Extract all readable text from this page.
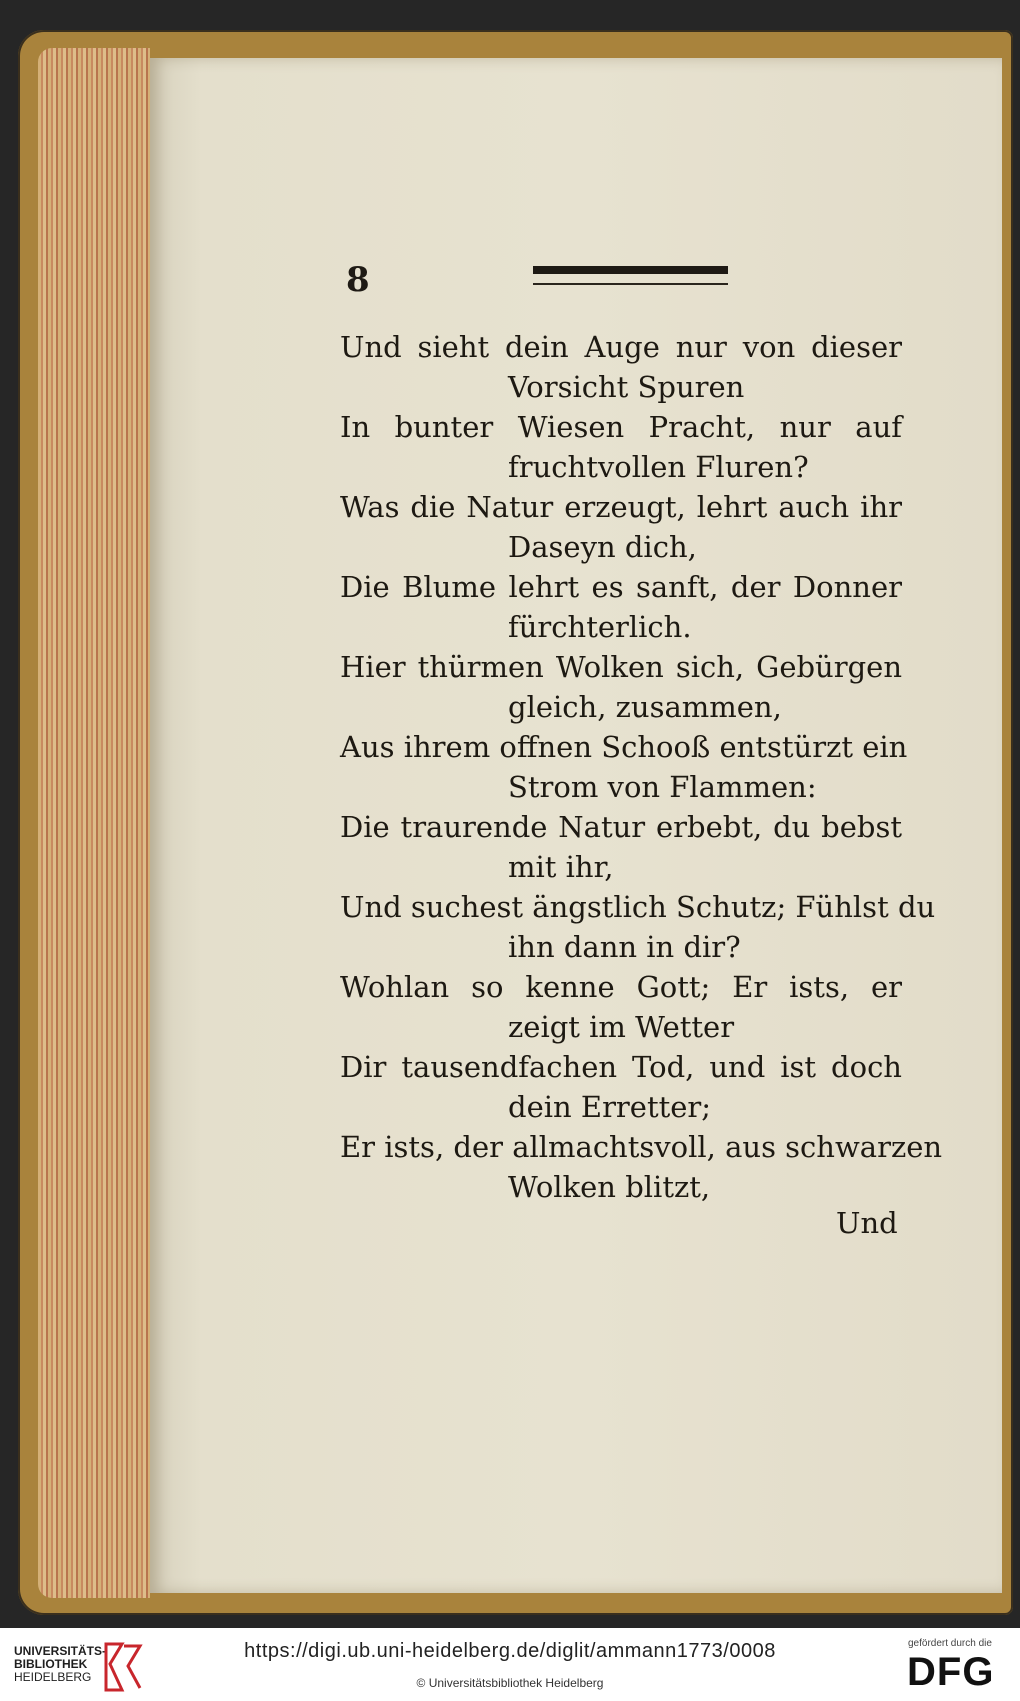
8
Und sieht dein Auge nur von dieser
Vorsicht Spuren
In bunter Wiesen Pracht, nur auf
fruchtvollen Fluren?
Was die Natur erzeugt, lehrt auch ihr
Daseyn dich,
Die Blume lehrt es sanft, der Donner
fürchterlich.
Hier thürmen Wolken sich, Gebürgen
gleich, zusammen,
Aus ihrem offnen Schooß entstürzt ein
Strom von Flammen:
Die traurende Natur erbebt, du bebst
mit ihr,
Und suchest ängstlich Schutz; Fühlst du
ihn dann in dir?
Wohlan so kenne Gott; Er ists, er
zeigt im Wetter
Dir tausendfachen Tod, und ist doch
dein Erretter;
Er ists, der allmachtsvoll, aus schwarzen
Wolken blitzt,
Und
UNIVERSITÄTS-
BIBLIOTHEK
HEIDELBERG
https://digi.ub.uni-heidelberg.de/diglit/ammann1773/0008
© Universitätsbibliothek Heidelberg
gefördert durch die
DFG
